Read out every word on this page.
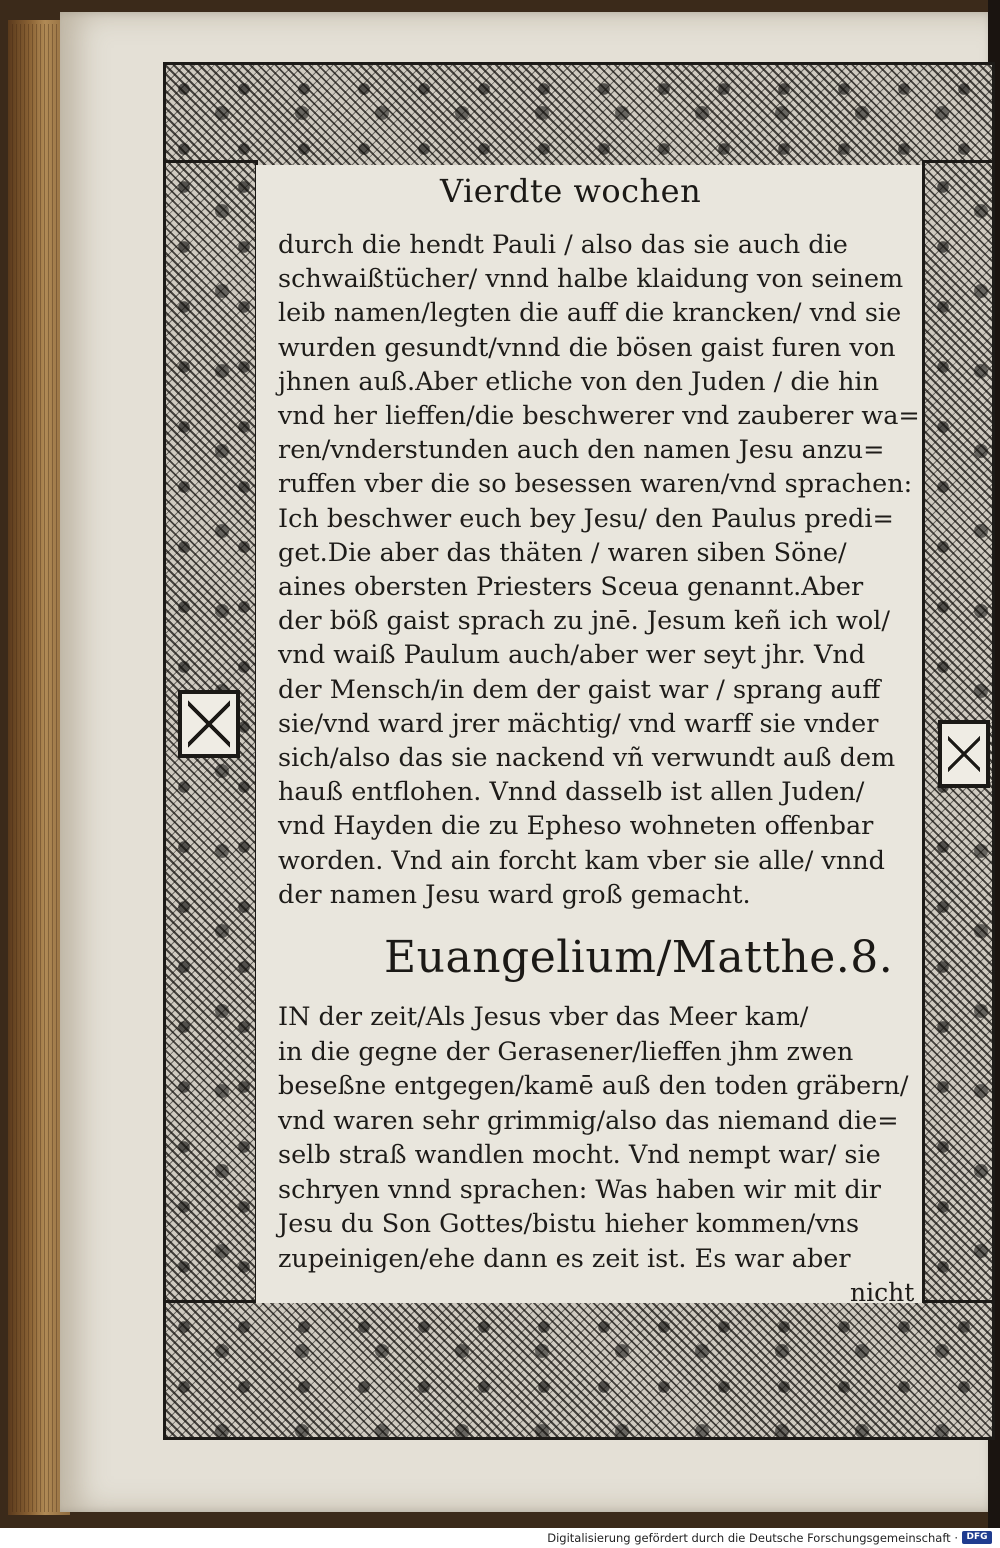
Vierdte wochen
durch die hendt Pauli / also das sie auch die
schwaißtücher/ vnnd halbe klaidung von seinem
leib namen/legten die auff die krancken/ vnd sie
wurden gesundt/vnnd die bösen gaist furen von
jhnen auß.Aber etliche von den Juden / die hin
vnd her lieffen/die beschwerer vnd zauberer wa=
ren/vnderstunden auch den namen Jesu anzu=
ruffen vber die so besessen waren/vnd sprachen:
Ich beschwer euch bey Jesu/ den Paulus predi=
get.Die aber das thäten / waren siben Söne/
aines obersten Priesters Sceua genannt.Aber
der böß gaist sprach zu jnē. Jesum keñ ich wol/
vnd waiß Paulum auch/aber wer seyt jhr. Vnd
der Mensch/in dem der gaist war / sprang auff
sie/vnd ward jrer mächtig/ vnd warff sie vnder
sich/also das sie nackend vñ verwundt auß dem
hauß entflohen. Vnnd dasselb ist allen Juden/
vnd Hayden die zu Epheso wohneten offenbar
worden. Vnd ain forcht kam vber sie alle/ vnnd
der namen Jesu ward groß gemacht.
Euangelium/Matthe.8.
IN der zeit/Als Jesus vber das Meer kam/
in die gegne der Gerasener/lieffen jhm zwen
beseßne entgegen/kamē auß den toden gräbern/
vnd waren sehr grimmig/also das niemand die=
selb straß wandlen mocht. Vnd nempt war/ sie
schryen vnnd sprachen: Was haben wir mit dir
Jesu du Son Gottes/bistu hieher kommen/vns
zupeinigen/ehe dann es zeit ist. Es war aber
nicht
Digitalisierung gefördert durch die Deutsche Forschungsgemeinschaft · DFG
